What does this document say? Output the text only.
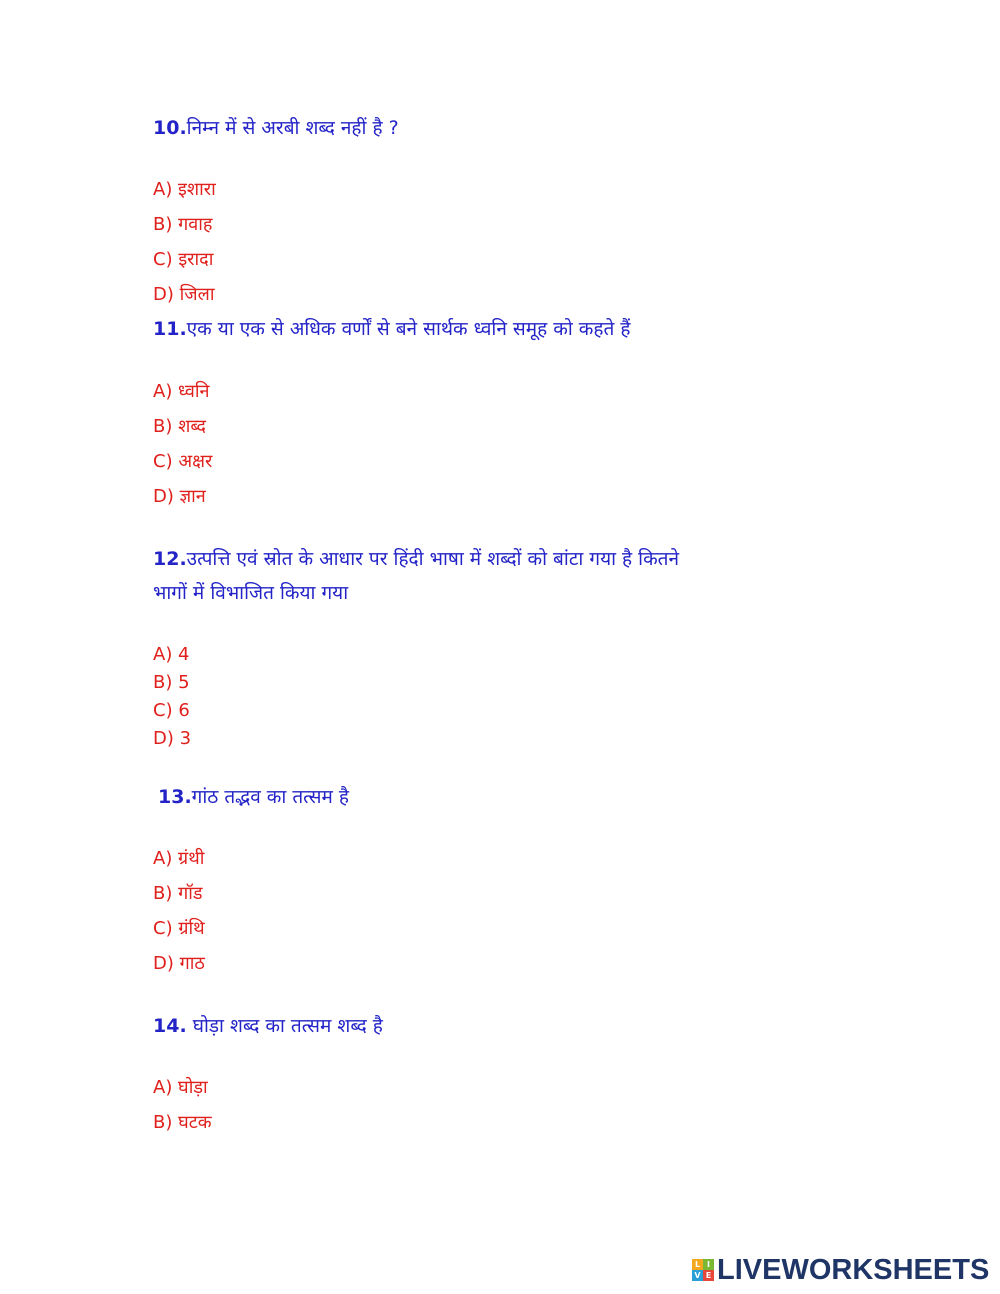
10.निम्न में से अरबी शब्द नहीं है ?
A) इशारा
B) गवाह
C) इरादा
D) जिला
11.एक या एक से अधिक वर्णों से बने सार्थक ध्वनि समूह को कहते हैं
A) ध्वनि
B) शब्द
C) अक्षर
D) ज्ञान
12.उत्पत्ति एवं स्रोत के आधार पर हिंदी भाषा में शब्दों को बांटा गया है कितने
भागों में विभाजित किया गया
A) 4
B) 5
C) 6
D) 3
13.गांठ तद्भव का तत्सम है
A) ग्रंथी
B) गॉड
C) ग्रंथि
D) गाठ
14. घोड़ा शब्द का तत्सम शब्द है
A) घोड़ा
B) घटक
L I
V E LIVEWORKSHEETS
